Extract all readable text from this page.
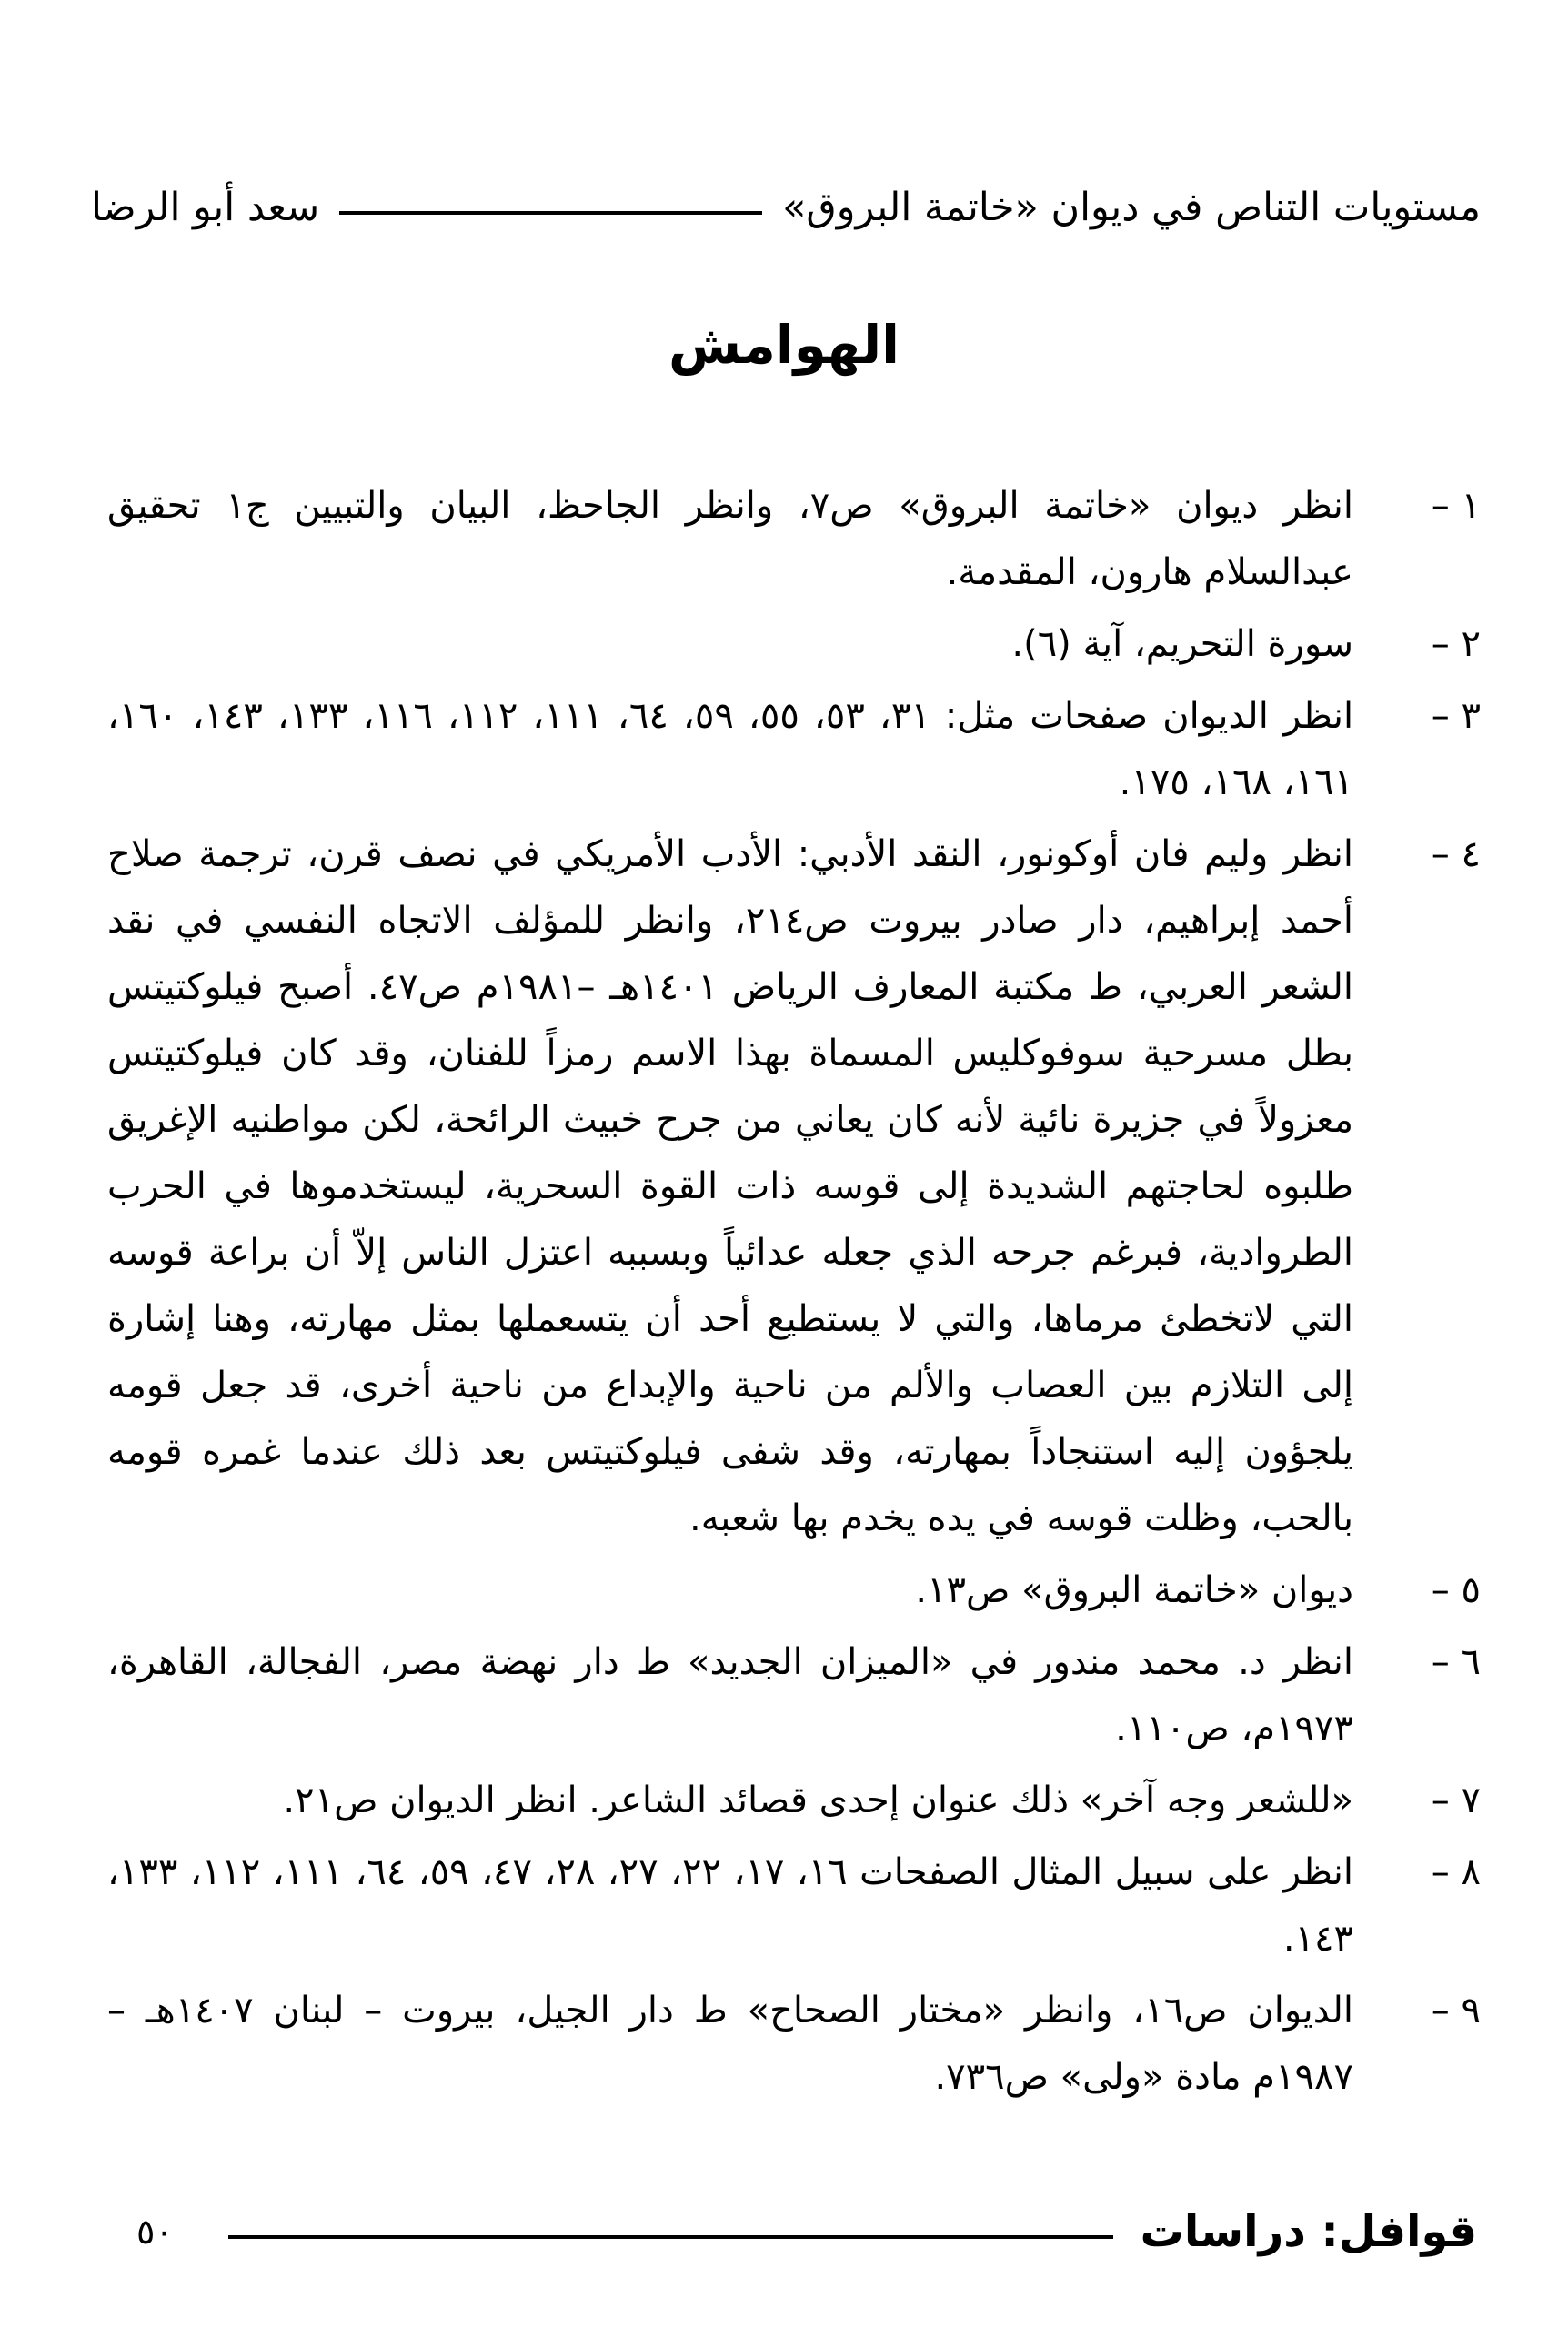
مستويات التناص في ديوان «خاتمة البروق»
سعد أبو الرضا
الهوامش
١ –
انظر ديوان «خاتمة البروق» ص٧، وانظر الجاحظ، البيان والتبيين ج١ تحقيق عبدالسلام هارون، المقدمة.
٢ –
سورة التحريم، آية (٦).
٣ –
انظر الديوان صفحات مثل: ٣١، ٥٣، ٥٥، ٥٩، ٦٤، ١١١، ١١٢، ١١٦، ١٣٣، ١٤٣، ١٦٠، ١٦١، ١٦٨، ١٧٥.
٤ –
انظر وليم فان أوكونور، النقد الأدبي: الأدب الأمريكي في نصف قرن، ترجمة صلاح أحمد إبراهيم، دار صادر بيروت ص٢١٤، وانظر للمؤلف الاتجاه النفسي في نقد الشعر العربي، ط مكتبة المعارف الرياض ١٤٠١هـ –١٩٨١م ص٤٧. أصبح فيلوكتيتس بطل مسرحية سوفوكليس المسماة بهذا الاسم رمزاً للفنان، وقد كان فيلوكتيتس معزولاً في جزيرة نائية لأنه كان يعاني من جرح خبيث الرائحة، لكن مواطنيه الإغريق طلبوه لحاجتهم الشديدة إلى قوسه ذات القوة السحرية، ليستخدموها في الحرب الطروادية، فبرغم جرحه الذي جعله عدائياً وبسببه اعتزل الناس إلاّ أن براعة قوسه التي لاتخطئ مرماها، والتي لا يستطيع أحد أن يتسعملها بمثل مهارته، وهنا إشارة إلى التلازم بين العصاب والألم من ناحية والإبداع من ناحية أخرى، قد جعل قومه يلجؤون إليه استنجاداً بمهارته، وقد شفى فيلوكتيتس بعد ذلك عندما غمره قومه بالحب، وظلت قوسه في يده يخدم بها شعبه.
٥ –
ديوان «خاتمة البروق» ص١٣.
٦ –
انظر د. محمد مندور في «الميزان الجديد» ط دار نهضة مصر، الفجالة، القاهرة، ١٩٧٣م، ص١١٠.
٧ –
«للشعر وجه آخر» ذلك عنوان إحدى قصائد الشاعر. انظر الديوان ص٢١.
٨ –
انظر على سبيل المثال الصفحات ١٦، ١٧، ٢٢، ٢٧، ٢٨، ٤٧، ٥٩، ٦٤، ١١١، ١١٢، ١٣٣، ١٤٣.
٩ –
الديوان ص١٦، وانظر «مختار الصحاح» ط دار الجيل، بيروت – لبنان ١٤٠٧هـ –١٩٨٧م مادة «ولى» ص٧٣٦.
قوافل: دراسات
٥٠
